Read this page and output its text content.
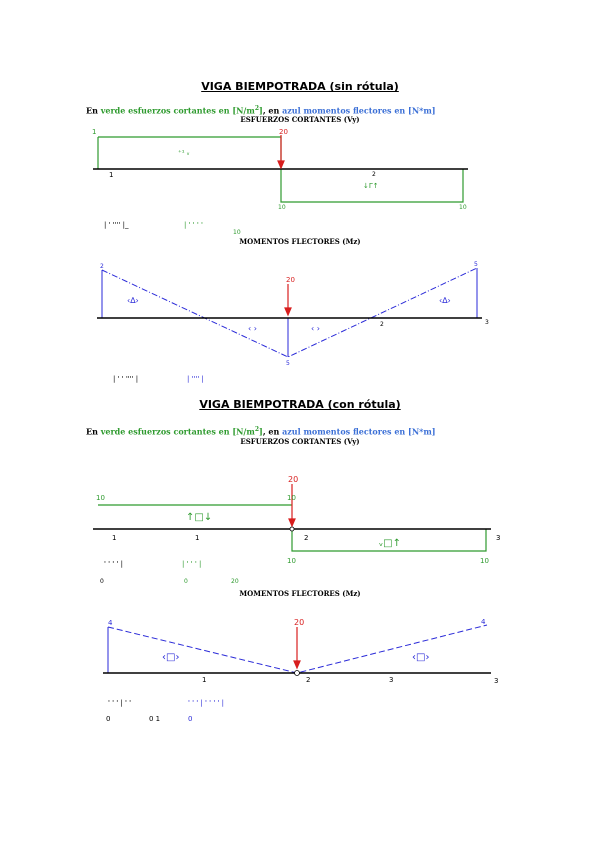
VIGA BIEMPOTRADA (sin rótula)
En verde esfuerzos cortantes en $[N/m^2]$, en azul momentos flectores en [N*m]
ESFUERZOS CORTANTES (Vy)
20
1
10	10
1	2
⁺¹ ᵥ
↓Γ↑
| ' '''' |_	| ' ' ' '
10
MOMENTOS FLECTORES (Mz)
20
2	5
5
‹∆›
‹ ›	‹ ›
‹∆›
2	3
| ' ' '''' |	| '''' |
VIGA BIEMPOTRADA (con rótula)
En verde esfuerzos cortantes en $[N/m^2]$, en azul momentos flectores en [N*m]
ESFUERZOS CORTANTES (Vy)
20
10	10
10	10
1	1	2	3
↑□↓
ᵥ□↑
' ' ' ' |	| ' ' ' |
0	0	20
MOMENTOS FLECTORES (Mz)
20
4	4
‹□›	‹□›
1	2	3	3
' ' ' | ' '	' ' ' | ' ' ' ' |
0	0 1	0
